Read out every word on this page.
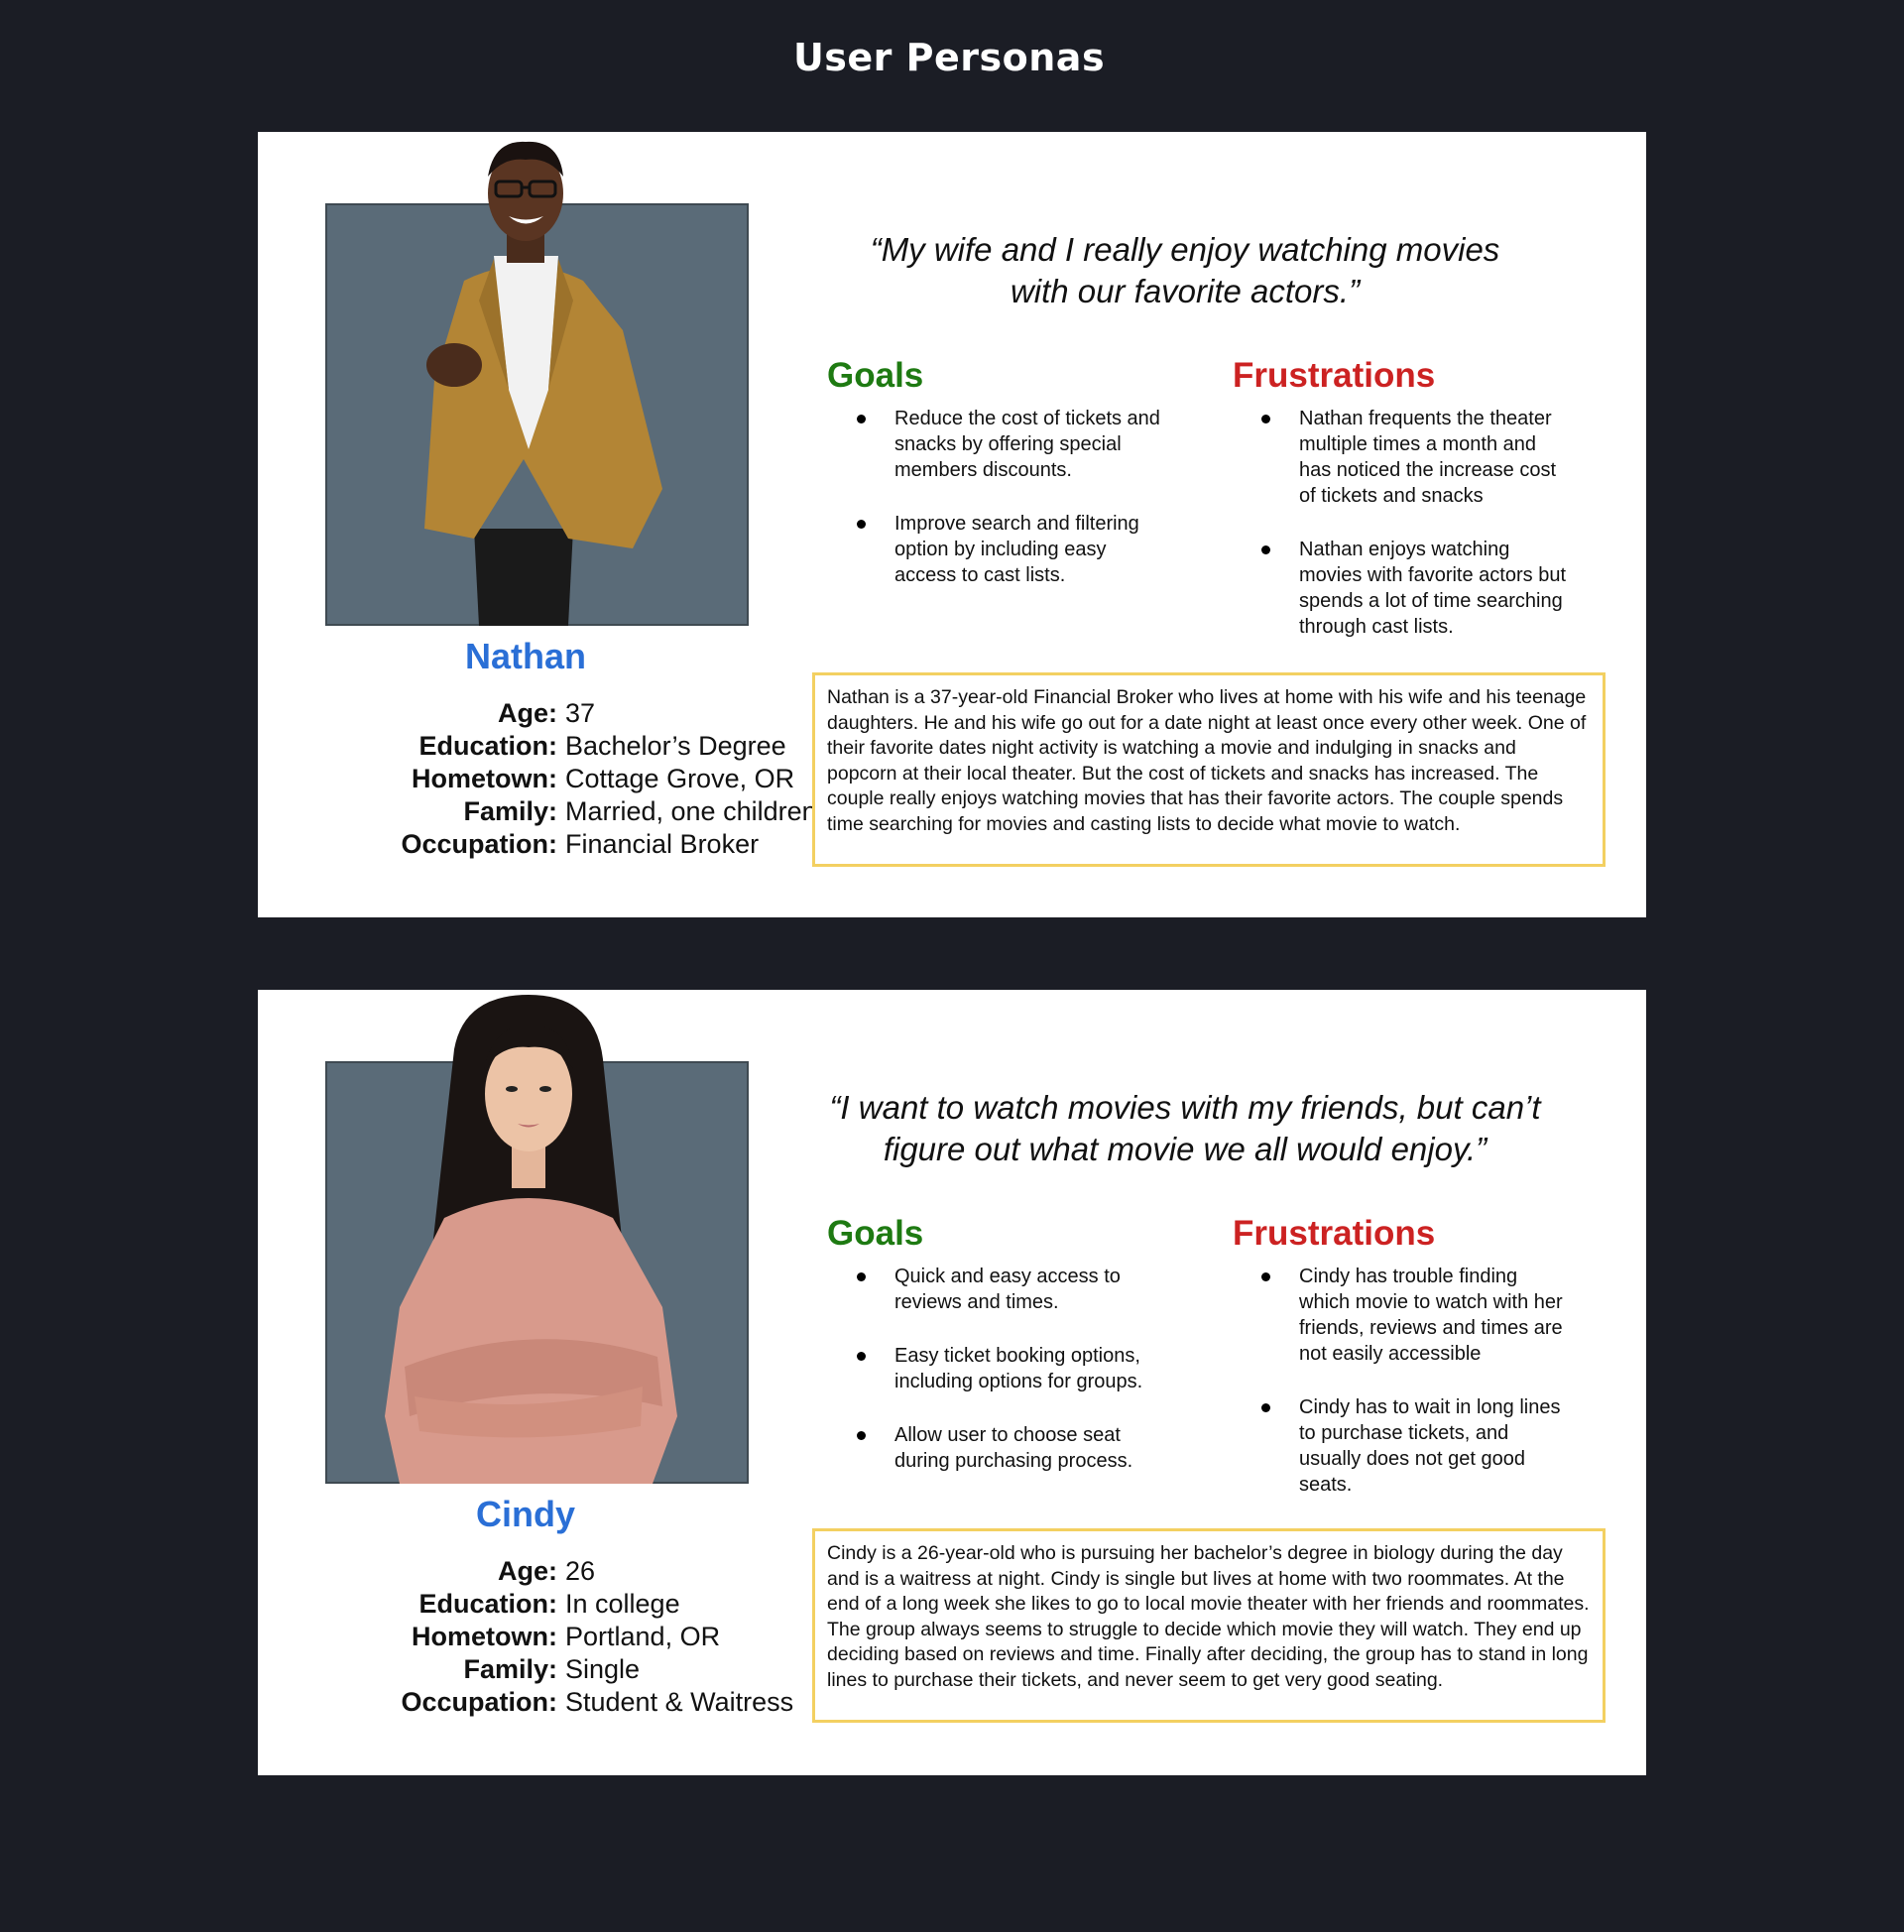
User Personas
Nathan
Age: 37
Education: Bachelor’s Degree
Hometown: Cottage Grove, OR
Family: Married, one children
Occupation: Financial Broker
“My wife and I really enjoy watching movies
with our favorite actors.”
Goals
Reduce the cost of tickets and snacks by offering special members discounts.
Improve search and filtering option by including easy access to cast lists.
Frustrations
Nathan frequents the theater multiple times a month and has noticed the increase cost of tickets and snacks
Nathan enjoys watching movies with favorite actors but spends a lot of time searching through cast lists.
Nathan is a 37-year-old Financial Broker who lives at home with his wife and his teenage daughters. He and his wife go out for a date night at least once every other week. One of their favorite dates night activity is watching a movie and indulging in snacks and popcorn at their local theater. But the cost of tickets and snacks has increased. The couple really enjoys watching movies that has their favorite actors. The couple spends time searching for movies and casting lists to decide what movie to watch.
Cindy
Age: 26
Education: In college
Hometown: Portland, OR
Family: Single
Occupation: Student & Waitress
“I want to watch movies with my friends, but can’t
figure out what movie we all would enjoy.”
Goals
Quick and easy access to reviews and times.
Easy ticket booking options, including options for groups.
Allow user to choose seat during purchasing process.
Frustrations
Cindy has trouble finding which movie to watch with her friends, reviews and times are not easily accessible
Cindy has to wait in long lines to purchase tickets, and usually does not get good seats.
Cindy is a 26-year-old who is pursuing her bachelor’s degree in biology during the day and is a waitress at night. Cindy is single but lives at home with two roommates. At the end of a long week she likes to go to local movie theater with her friends and roommates. The group always seems to struggle to decide which movie they will watch. They end up deciding based on reviews and time. Finally after deciding, the group has to stand in long lines to purchase their tickets, and never seem to get very good seating.
